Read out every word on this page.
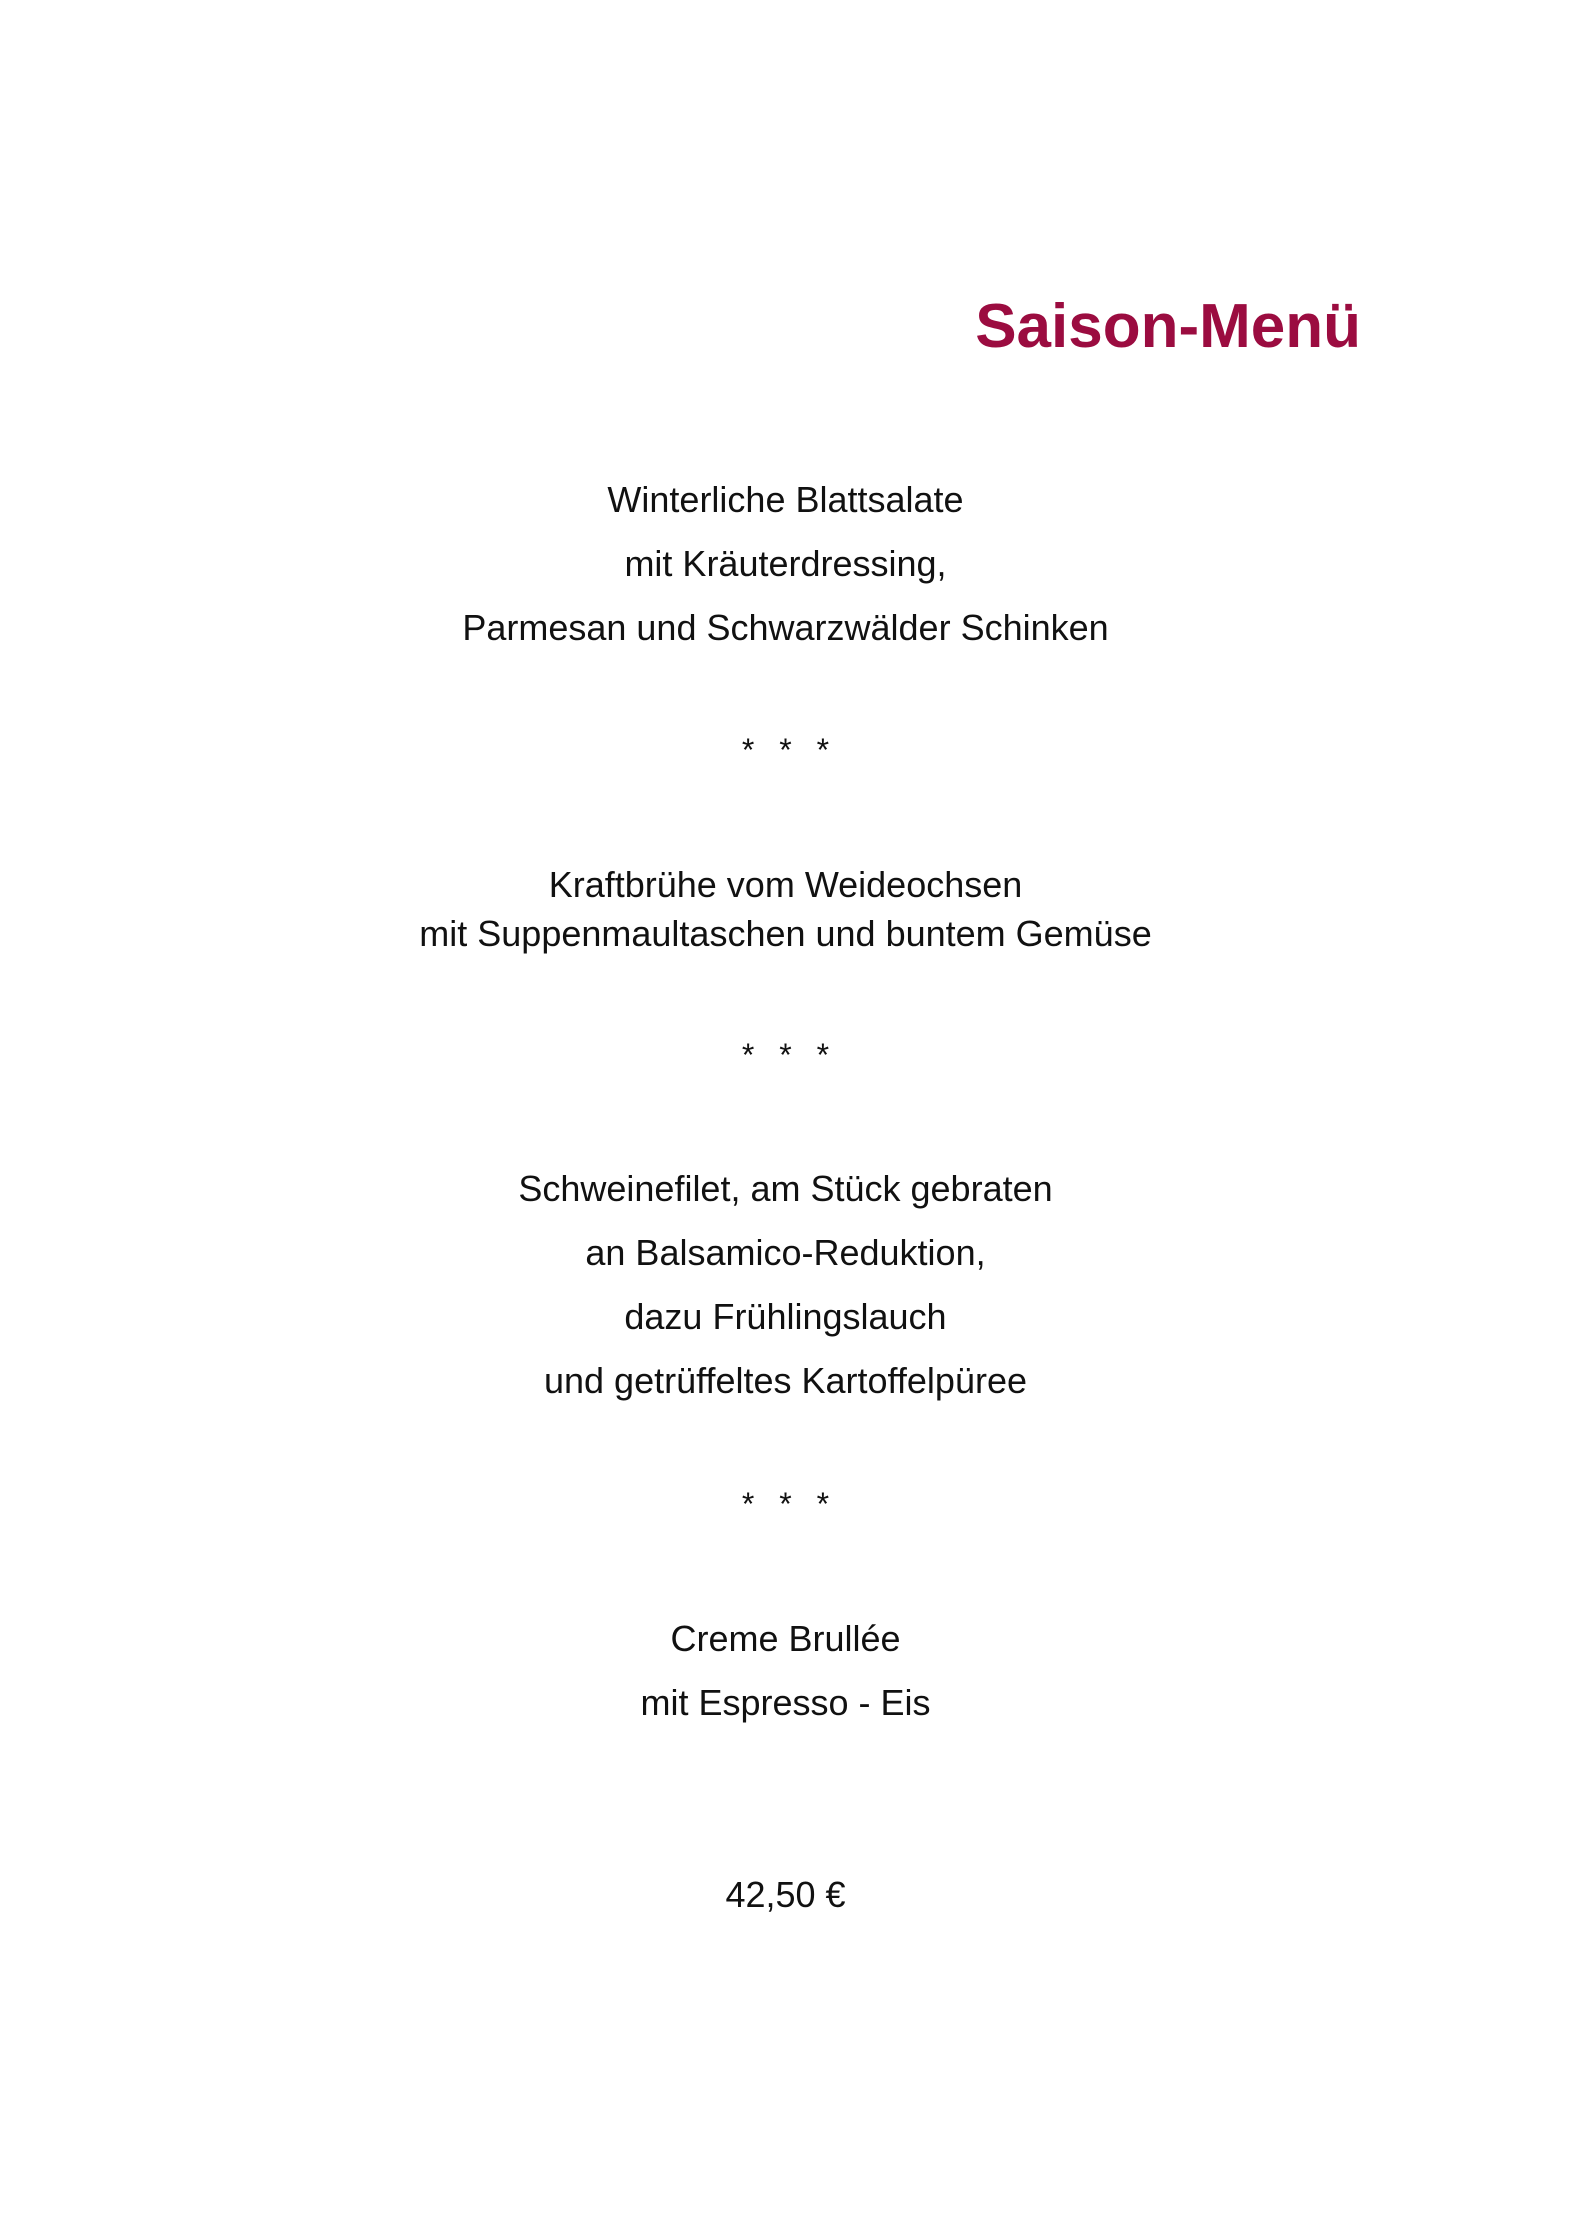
Saison-Menü
Winterliche Blattsalate
mit Kräuterdressing,
Parmesan und Schwarzwälder Schinken
* * *
Kraftbrühe vom Weideochsen
mit Suppenmaultaschen und buntem Gemüse
* * *
Schweinefilet, am Stück gebraten
an Balsamico-Reduktion,
dazu Frühlingslauch
und getrüffeltes Kartoffelpüree
* * *
Creme Brullée
mit Espresso - Eis
42,50 €
